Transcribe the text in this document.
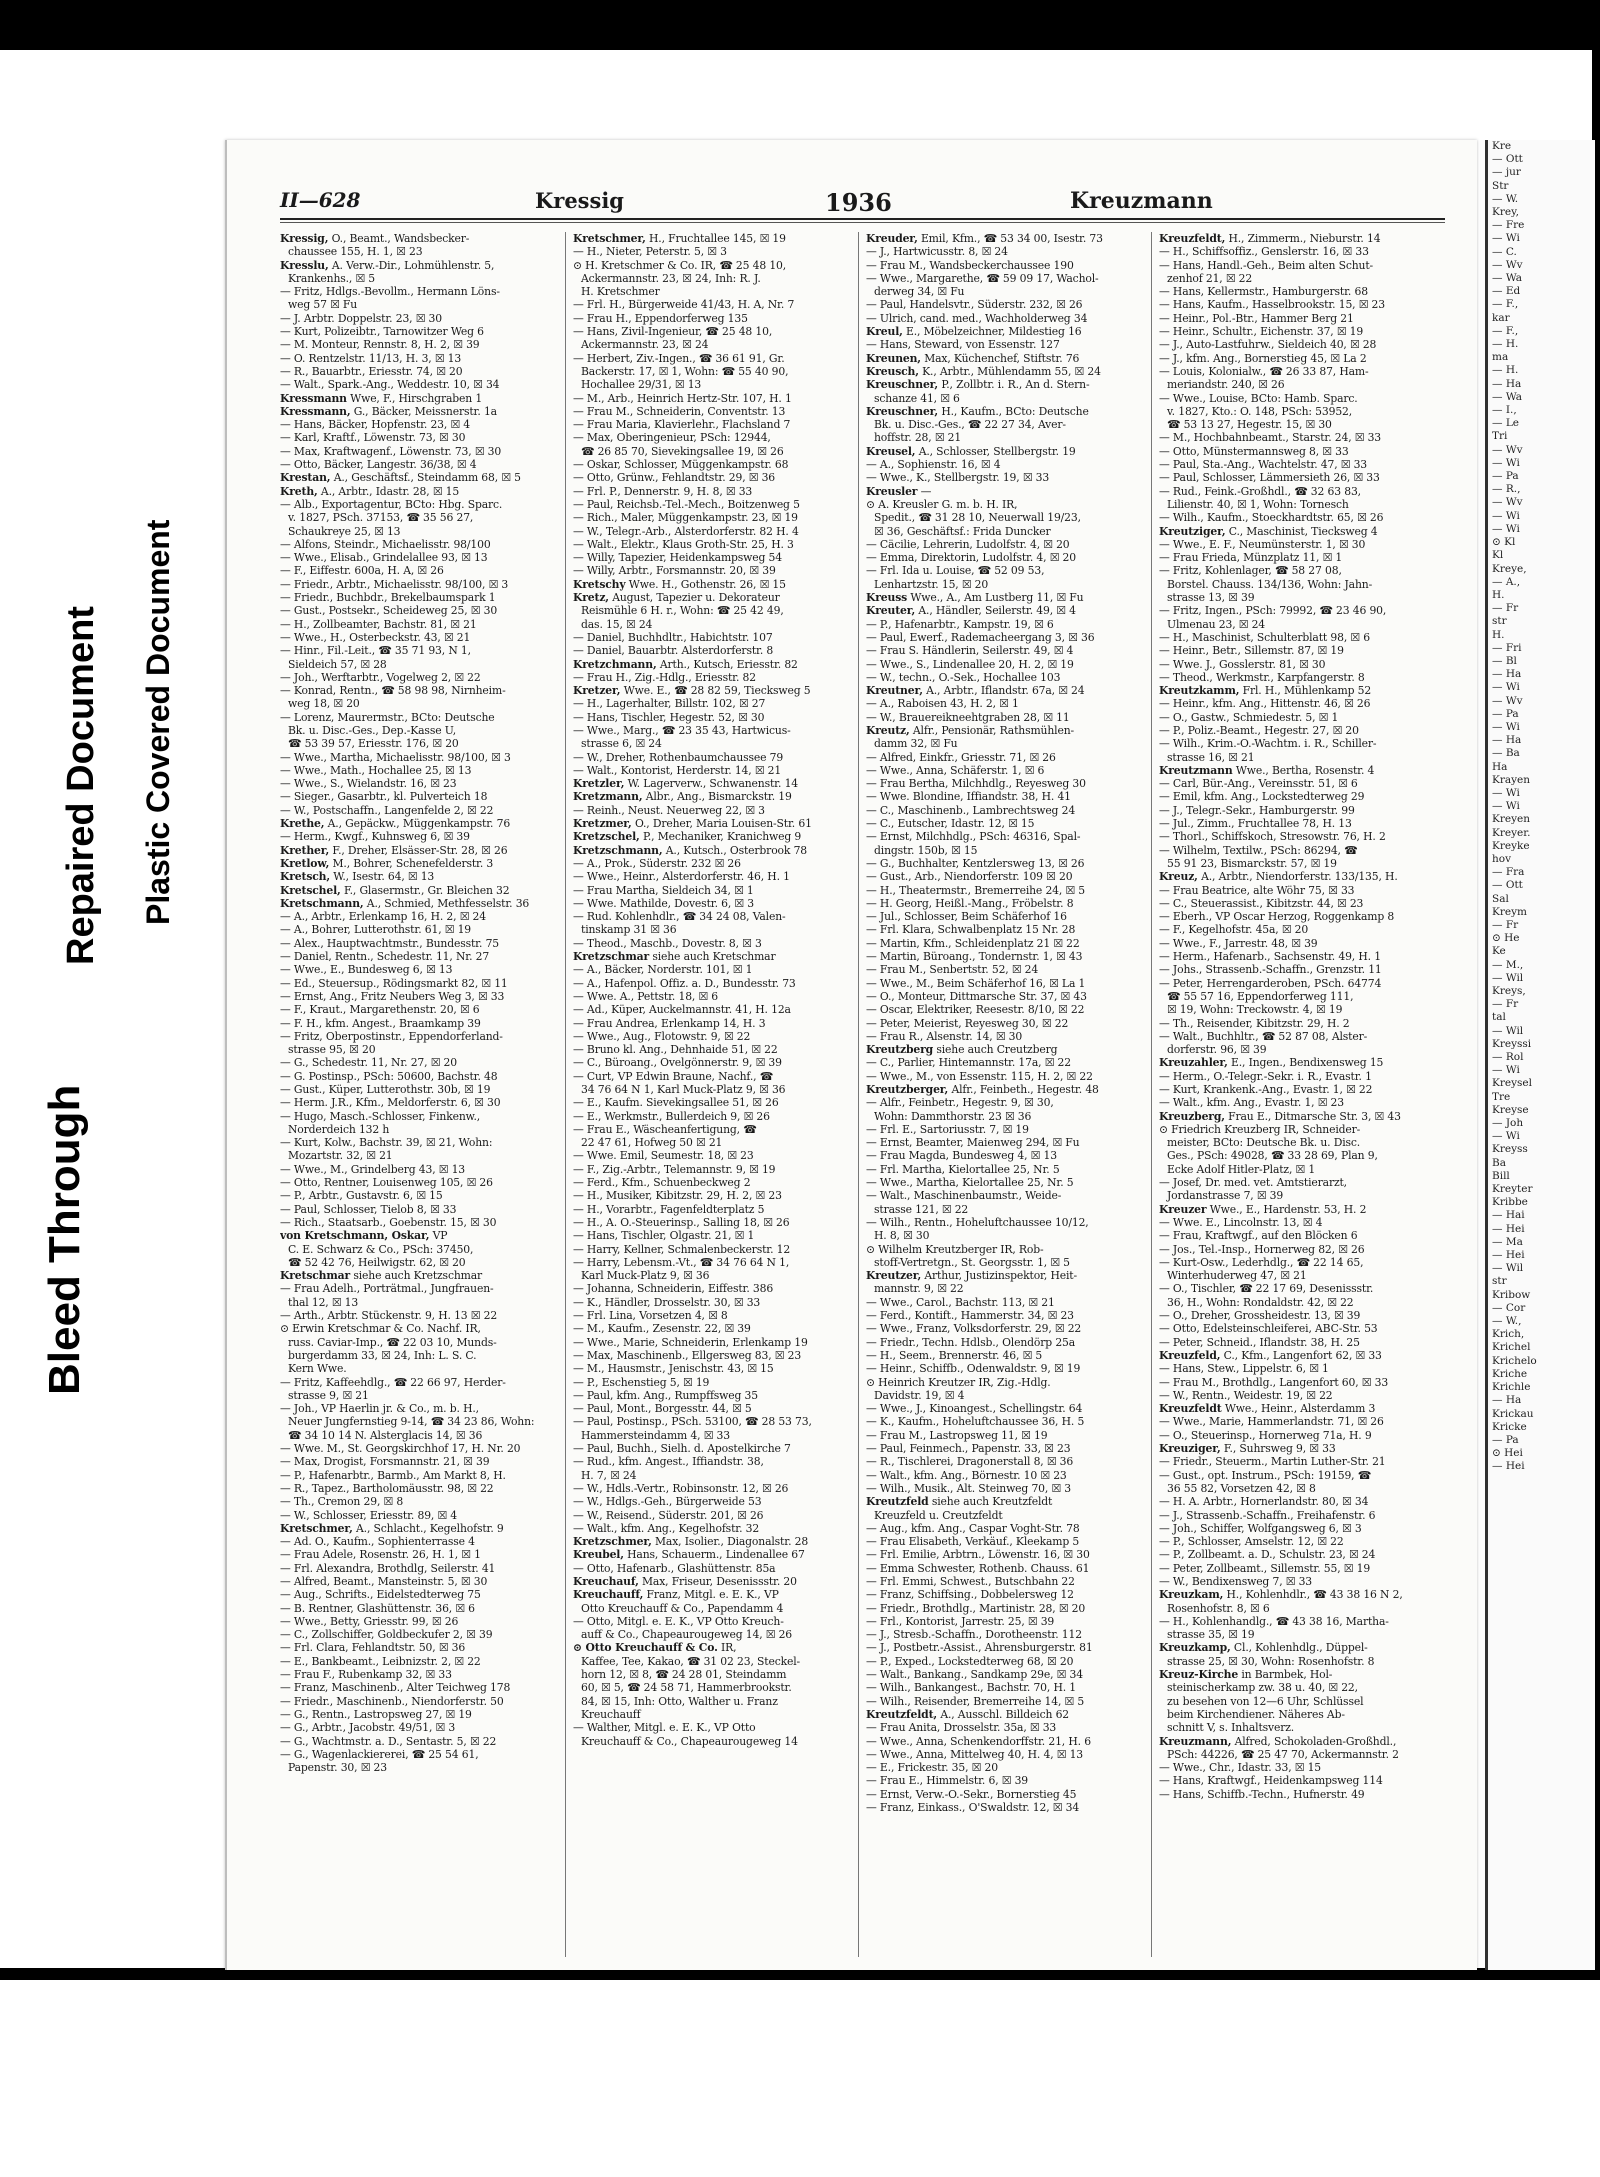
Bleed Through
Repaired Document Plastic Covered Document
Kre
— Ott
— jur
Str
— W.
Krey,
— Fre
— Wi
— C.
— Wv
— Wa
— Ed
— F.,
kar
— F.,
— H.
ma
— H.
— Ha
— Wa
— I.,
— Le
Tri
— Wv
— Wi
— Pa
— R.,
— Wv
— Wi
— Wi
⊙ Kl
Kl
Kreye,
— A.,
H.
— Fr
str
H.
— Fri
— Bl
— Ha
— Wi
— Wv
— Pa
— Wi
— Ha
— Ba
Ha
Krayen
— Wi
— Wi
Kreyen
Kreyer.
Kreyke
hov
— Fra
— Ott
Sal
Kreym
— Fr
⊙ He
Ke
— M.,
— Wil
Kreys,
— Fr
tal
— Wil
Kreyssi
— Rol
— Wi
Kreysel
Tre
Kreyse
— Joh
— Wi
Kreyss
Ba
Bill
Kreyter
Kribbe
— Hai
— Hei
— Ma
— Hei
— Wil
str
Kribow
— Cor
— W.,
Krich,
Krichel
Krichelo
Kriche
Krichle
— Ha
Krickau
Kricke
— Pa
⊙ Hei
— Hei
II—628	Kressig	1936	Kreuzmann
Kressig, O., Beamt., Wandsbecker-
chaussee 155, H. 1, ☒ 23
Kresslu, A. Verw.-Dir., Lohmühlenstr. 5,
Krankenhs., ☒ 5
— Fritz, Hdlgs.-Bevollm., Hermann Löns-
weg 57 ☒ Fu
— J. Arbtr. Doppelstr. 23, ☒ 30
— Kurt, Polizeibtr., Tarnowitzer Weg 6
— M. Monteur, Rennstr. 8, H. 2, ☒ 39
— O. Rentzelstr. 11/13, H. 3, ☒ 13
— R., Bauarbtr., Eriesstr. 74, ☒ 20
— Walt., Spark.-Ang., Weddestr. 10, ☒ 34
Kressmann Wwe, F., Hirschgraben 1
Kressmann, G., Bäcker, Meissnerstr. 1a
— Hans, Bäcker, Hopfenstr. 23, ☒ 4
— Karl, Kraftf., Löwenstr. 73, ☒ 30
— Max, Kraftwagenf., Löwenstr. 73, ☒ 30
— Otto, Bäcker, Langestr. 36/38, ☒ 4
Krestan, A., Geschäftsf., Steindamm 68, ☒ 5
Kreth, A., Arbtr., Idastr. 28, ☒ 15
— Alb., Exportagentur, BCto: Hbg. Sparc.
v. 1827, PSch. 37153, ☎ 35 56 27,
Schaukreye 25, ☒ 13
— Alfons, Steindr., Michaelisstr. 98/100
— Wwe., Elisab., Grindelallee 93, ☒ 13
— F., Eiffestr. 600a, H. A, ☒ 26
— Friedr., Arbtr., Michaelisstr. 98/100, ☒ 3
— Friedr., Buchbdr., Brekelbaumspark 1
— Gust., Postsekr., Scheideweg 25, ☒ 30
— H., Zollbeamter, Bachstr. 81, ☒ 21
— Wwe., H., Osterbeckstr. 43, ☒ 21
— Hinr., Fil.-Leit., ☎ 35 71 93, N 1,
Sieldeich 57, ☒ 28
— Joh., Werftarbtr., Vogelweg 2, ☒ 22
— Konrad, Rentn., ☎ 58 98 98, Nirnheim-
weg 18, ☒ 20
— Lorenz, Maurermstr., BCto: Deutsche
Bk. u. Disc.-Ges., Dep.-Kasse U,
☎ 53 39 57, Eriesstr. 176, ☒ 20
— Wwe., Martha, Michaelisstr. 98/100, ☒ 3
— Wwe., Math., Hochallee 25, ☒ 13
— Wwe., S., Wielandstr. 16, ☒ 23
— Sieger., Gasarbtr., kl. Pulverteich 18
— W., Postschaffn., Langenfelde 2, ☒ 22
Krethe, A., Gepäckw., Müggenkampstr. 76
— Herm., Kwgf., Kuhnsweg 6, ☒ 39
Krether, F., Dreher, Elsässer-Str. 28, ☒ 26
Kretlow, M., Bohrer, Schenefelderstr. 3
Kretsch, W., Isestr. 64, ☒ 13
Kretschel, F., Glasermstr., Gr. Bleichen 32
Kretschmann, A., Schmied, Methfesselstr. 36
— A., Arbtr., Erlenkamp 16, H. 2, ☒ 24
— A., Bohrer, Lutterothstr. 61, ☒ 19
— Alex., Hauptwachtmstr., Bundesstr. 75
— Daniel, Rentn., Schedestr. 11, Nr. 27
— Wwe., E., Bundesweg 6, ☒ 13
— Ed., Steuersup., Rödingsmarkt 82, ☒ 11
— Ernst, Ang., Fritz Neubers Weg 3, ☒ 33
— F., Kraut., Margarethenstr. 20, ☒ 6
— F. H., kfm. Angest., Braamkamp 39
— Fritz, Oberpostinstr., Eppendorferland-
strasse 95, ☒ 20
— G., Schedestr. 11, Nr. 27, ☒ 20
— G. Postinsp., PSch: 50600, Bachstr. 48
— Gust., Küper, Lutterothstr. 30b, ☒ 19
— Herm. J.R., Kfm., Meldorferstr. 6, ☒ 30
— Hugo, Masch.-Schlosser, Finkenw.,
Norderdeich 132 h
— Kurt, Kolw., Bachstr. 39, ☒ 21, Wohn:
Mozartstr. 32, ☒ 21
— Wwe., M., Grindelberg 43, ☒ 13
— Otto, Rentner, Louisenweg 105, ☒ 26
— P., Arbtr., Gustavstr. 6, ☒ 15
— Paul, Schlosser, Tielob 8, ☒ 33
— Rich., Staatsarb., Goebenstr. 15, ☒ 30
von Kretschmann, Oskar, VP
C. E. Schwarz & Co., PSch: 37450,
☎ 52 42 76, Heilwigstr. 62, ☒ 20
Kretschmar siehe auch Kretzschmar
— Frau Adelh., Porträtmal., Jungfrauen-
thal 12, ☒ 13
— Arth., Arbtr. Stückenstr. 9, H. 13 ☒ 22
⊙ Erwin Kretschmar & Co. Nachf. IR,
russ. Caviar-Imp., ☎ 22 03 10, Munds-
burgerdamm 33, ☒ 24, Inh: L. S. C.
Kern Wwe.
— Fritz, Kaffeehdlg., ☎ 22 66 97, Herder-
strasse 9, ☒ 21
— Joh., VP Haerlin jr. & Co., m. b. H.,
Neuer Jungfernstieg 9-14, ☎ 34 23 86, Wohn:
☎ 34 10 14 N. Alsterglacis 14, ☒ 36
— Wwe. M., St. Georgskirchhof 17, H. Nr. 20
— Max, Drogist, Forsmannstr. 21, ☒ 39
— P., Hafenarbtr., Barmb., Am Markt 8, H.
— R., Tapez., Bartholomäusstr. 98, ☒ 22
— Th., Cremon 29, ☒ 8
— W., Schlosser, Eriesstr. 89, ☒ 4
Kretschmer, A., Schlacht., Kegelhofstr. 9
— Ad. O., Kaufm., Sophienterrasse 4
— Frau Adele, Rosenstr. 26, H. 1, ☒ 1
— Frl. Alexandra, Brothdlg, Seilerstr. 41
— Alfred, Beamt., Mansteinstr. 5, ☒ 30
— Aug., Schrifts., Eidelstedterweg 75
— B. Rentner, Glashüttenstr. 36, ☒ 6
— Wwe., Betty, Griesstr. 99, ☒ 26
— C., Zollschiffer, Goldbeckufer 2, ☒ 39
— Frl. Clara, Fehlandtstr. 50, ☒ 36
— E., Bankbeamt., Leibnizstr. 2, ☒ 22
— Frau F., Rubenkamp 32, ☒ 33
— Franz, Maschinenb., Alter Teichweg 178
— Friedr., Maschinenb., Niendorferstr. 50
— G., Rentn., Lastropsweg 27, ☒ 19
— G., Arbtr., Jacobstr. 49/51, ☒ 3
— G., Wachtmstr. a. D., Sentastr. 5, ☒ 22
— G., Wagenlackiererei, ☎ 25 54 61,
Papenstr. 30, ☒ 23
Kretschmer, H., Fruchtallee 145, ☒ 19
— H., Nieter, Peterstr. 5, ☒ 3
⊙ H. Kretschmer & Co. IR, ☎ 25 48 10,
Ackermannstr. 23, ☒ 24, Inh: R. J.
H. Kretschmer
— Frl. H., Bürgerweide 41/43, H. A, Nr. 7
— Frau H., Eppendorferweg 135
— Hans, Zivil-Ingenieur, ☎ 25 48 10,
Ackermannstr. 23, ☒ 24
— Herbert, Ziv.-Ingen., ☎ 36 61 91, Gr.
Backerstr. 17, ☒ 1, Wohn: ☎ 55 40 90,
Hochallee 29/31, ☒ 13
— M., Arb., Heinrich Hertz-Str. 107, H. 1
— Frau M., Schneiderin, Conventstr. 13
— Frau Maria, Klavierlehr., Flachsland 7
— Max, Oberingenieur, PSch: 12944,
☎ 26 85 70, Sievekingsallee 19, ☒ 26
— Oskar, Schlosser, Müggenkampstr. 68
— Otto, Grünw., Fehlandtstr. 29, ☒ 36
— Frl. P., Dennerstr. 9, H. 8, ☒ 33
— Paul, Reichsb.-Tel.-Mech., Boitzenweg 5
— Rich., Maler, Müggenkampstr. 23, ☒ 19
— W., Telegr.-Arb., Alsterdorferstr. 82 H. 4
— Walt., Elektr., Klaus Groth-Str. 25, H. 3
— Willy, Tapezier, Heidenkampsweg 54
— Willy, Arbtr., Forsmannstr. 20, ☒ 39
Kretschy Wwe. H., Gothenstr. 26, ☒ 15
Kretz, August, Tapezier u. Dekorateur
Reismühle 6 H. r., Wohn: ☎ 25 42 49,
das. 15, ☒ 24
— Daniel, Buchhdltr., Habichtstr. 107
— Daniel, Bauarbtr. Alsterdorferstr. 8
Kretzchmann, Arth., Kutsch, Eriesstr. 82
— Frau H., Zig.-Hdlg., Eriesstr. 82
Kretzer, Wwe. E., ☎ 28 82 59, Tiecksweg 5
— H., Lagerhalter, Billstr. 102, ☒ 27
— Hans, Tischler, Hegestr. 52, ☒ 30
— Wwe., Marg., ☎ 23 35 43, Hartwicus-
strasse 6, ☒ 24
— W., Dreher, Rothenbaumchaussee 79
— Walt., Kontorist, Herderstr. 14, ☒ 21
Kretzler, W. Lagerverw., Schwanenstr. 14
Kretzmann, Albr., Ang., Bismarckstr. 19
— Reinh., Neust. Neuerweg 22, ☒ 3
Kretzmer, O., Dreher, Maria Louisen-Str. 61
Kretzschel, P., Mechaniker, Kranichweg 9
Kretzschmann, A., Kutsch., Osterbrook 78
— A., Prok., Süderstr. 232 ☒ 26
— Wwe., Heinr., Alsterdorferstr. 46, H. 1
— Frau Martha, Sieldeich 34, ☒ 1
— Wwe. Mathilde, Dovestr. 6, ☒ 3
— Rud. Kohlenhdlr., ☎ 34 24 08, Valen-
tinskamp 31 ☒ 36
— Theod., Maschb., Dovestr. 8, ☒ 3
Kretzschmar siehe auch Kretschmar
— A., Bäcker, Norderstr. 101, ☒ 1
— A., Hafenpol. Offiz. a. D., Bundesstr. 73
— Wwe. A., Pettstr. 18, ☒ 6
— Ad., Küper, Auckelmannstr. 41, H. 12a
— Frau Andrea, Erlenkamp 14, H. 3
— Wwe., Aug., Flotowstr. 9, ☒ 22
— Bruno kl. Ang., Dehnhaide 51, ☒ 22
— C., Büroang., Ovelgönnerstr. 9, ☒ 39
— Curt, VP Edwin Braune, Nachf., ☎
34 76 64 N 1, Karl Muck-Platz 9, ☒ 36
— E., Kaufm. Sievekingsallee 51, ☒ 26
— E., Werkmstr., Bullerdeich 9, ☒ 26
— Frau E., Wäscheanfertigung, ☎
22 47 61, Hofweg 50 ☒ 21
— Wwe. Emil, Seumestr. 18, ☒ 23
— F., Zig.-Arbtr., Telemannstr. 9, ☒ 19
— Ferd., Kfm., Schuenbeckweg 2
— H., Musiker, Kibitzstr. 29, H. 2, ☒ 23
— H., Vorarbtr., Fagenfeldterplatz 5
— H., A. O.-Steuerinsp., Salling 18, ☒ 26
— Hans, Tischler, Olgastr. 21, ☒ 1
— Harry, Kellner, Schmalenbeckerstr. 12
— Harry, Lebensm.-Vt., ☎ 34 76 64 N 1,
Karl Muck-Platz 9, ☒ 36
— Johanna, Schneiderin, Eiffestr. 386
— K., Händler, Drosselstr. 30, ☒ 33
— Frl. Lina, Vorsetzen 4, ☒ 8
— M., Kaufm., Zesenstr. 22, ☒ 39
— Wwe., Marie, Schneiderin, Erlenkamp 19
— Max, Maschinenb., Ellgersweg 83, ☒ 23
— M., Hausmstr., Jenischstr. 43, ☒ 15
— P., Eschenstieg 5, ☒ 19
— Paul, kfm. Ang., Rumpffsweg 35
— Paul, Mont., Borgesstr. 44, ☒ 5
— Paul, Postinsp., PSch. 53100, ☎ 28 53 73,
Hammersteindamm 4, ☒ 33
— Paul, Buchh., Sielh. d. Apostelkirche 7
— Rud., kfm. Angest., Iffiandstr. 38,
H. 7, ☒ 24
— W., Hdls.-Vertr., Robinsonstr. 12, ☒ 26
— W., Hdlgs.-Geh., Bürgerweide 53
— W., Reisend., Süderstr. 201, ☒ 26
— Walt., kfm. Ang., Kegelhofstr. 32
Kretzschmer, Max, Isolier., Diagonalstr. 28
Kreubel, Hans, Schauerm., Lindenallee 67
— Otto, Hafenarb., Glashüttenstr. 85a
Kreuchauf, Max, Friseur, Desenissstr. 20
Kreuchauff, Franz, Mitgl. e. E. K., VP
Otto Kreuchauff & Co., Papendamm 4
— Otto, Mitgl. e. E. K., VP Otto Kreuch-
auff & Co., Chapeaurougeweg 14, ☒ 26
⊙ Otto Kreuchauff & Co. IR,
Kaffee, Tee, Kakao, ☎ 31 02 23, Steckel-
horn 12, ☒ 8, ☎ 24 28 01, Steindamm
60, ☒ 5, ☎ 24 58 71, Hammerbrookstr.
84, ☒ 15, Inh: Otto, Walther u. Franz
Kreuchauff
— Walther, Mitgl. e. E. K., VP Otto
Kreuchauff & Co., Chapeaurougeweg 14
Kreuder, Emil, Kfm., ☎ 53 34 00, Isestr. 73
— J., Hartwicusstr. 8, ☒ 24
— Frau M., Wandsbeckerchaussee 190
— Wwe., Margarethe, ☎ 59 09 17, Wachol-
derweg 34, ☒ Fu
— Paul, Handelsvtr., Süderstr. 232, ☒ 26
— Ulrich, cand. med., Wachholderweg 34
Kreul, E., Möbelzeichner, Mildestieg 16
— Hans, Steward, von Essenstr. 127
Kreunen, Max, Küchenchef, Stiftstr. 76
Kreusch, K., Arbtr., Mühlendamm 55, ☒ 24
Kreuschner, P., Zollbtr. i. R., An d. Stern-
schanze 41, ☒ 6
Kreuschner, H., Kaufm., BCto: Deutsche
Bk. u. Disc.-Ges., ☎ 22 27 34, Aver-
hoffstr. 28, ☒ 21
Kreusel, A., Schlosser, Stellbergstr. 19
— A., Sophienstr. 16, ☒ 4
— Wwe., K., Stellbergstr. 19, ☒ 33
Kreusler —
⊙ A. Kreusler G. m. b. H. IR,
Spedit., ☎ 31 28 10, Neuerwall 19/23,
☒ 36, Geschäftsf.: Frida Duncker
— Cäcilie, Lehrerin, Ludolfstr. 4, ☒ 20
— Emma, Direktorin, Ludolfstr. 4, ☒ 20
— Frl. Ida u. Louise, ☎ 52 09 53,
Lenhartzstr. 15, ☒ 20
Kreuss Wwe., A., Am Lustberg 11, ☒ Fu
Kreuter, A., Händler, Seilerstr. 49, ☒ 4
— P., Hafenarbtr., Kampstr. 19, ☒ 6
— Paul, Ewerf., Rademacheergang 3, ☒ 36
— Frau S. Händlerin, Seilerstr. 49, ☒ 4
— Wwe., S., Lindenallee 20, H. 2, ☒ 19
— W., techn., O.-Sek., Hochallee 103
Kreutner, A., Arbtr., Iflandstr. 67a, ☒ 24
— A., Raboisen 43, H. 2, ☒ 1
— W., Brauereikneehtgraben 28, ☒ 11
Kreutz, Alfr., Pensionär, Rathsmühlen-
damm 32, ☒ Fu
— Alfred, Einkfr., Griesstr. 71, ☒ 26
— Wwe., Anna, Schäferstr. 1, ☒ 6
— Frau Bertha, Milchhdlg., Reyesweg 30
— Wwe. Blondine, Iffiandstr. 38, H. 41
— C., Maschinenb., Lambrechtsweg 24
— C., Eutscher, Idastr. 12, ☒ 15
— Ernst, Milchhdlg., PSch: 46316, Spal-
dingstr. 150b, ☒ 15
— G., Buchhalter, Kentzlersweg 13, ☒ 26
— Gust., Arb., Niendorferstr. 109 ☒ 20
— H., Theatermstr., Bremerreihe 24, ☒ 5
— H. Georg, Heißl.-Mang., Fröbelstr. 8
— Jul., Schlosser, Beim Schäferhof 16
— Frl. Klara, Schwalbenplatz 15 Nr. 28
— Martin, Kfm., Schleidenplatz 21 ☒ 22
— Martin, Büroang., Tondernstr. 1, ☒ 43
— Frau M., Senbertstr. 52, ☒ 24
— Wwe., M., Beim Schäferhof 16, ☒ La 1
— O., Monteur, Dittmarsche Str. 37, ☒ 43
— Oscar, Elektriker, Reesestr. 8/10, ☒ 22
— Peter, Meierist, Reyesweg 30, ☒ 22
— Frau R., Alsenstr. 14, ☒ 30
Kreutzberg siehe auch Creutzberg
— C., Parlier, Hintemannstr. 17a, ☒ 22
— Wwe., M., von Essenstr. 115, H. 2, ☒ 22
Kreutzberger, Alfr., Feinbeth., Hegestr. 48
— Alfr., Feinbetr., Hegestr. 9, ☒ 30,
Wohn: Dammthorstr. 23 ☒ 36
— Frl. E., Sartoriusstr. 7, ☒ 19
— Ernst, Beamter, Maienweg 294, ☒ Fu
— Frau Magda, Bundesweg 4, ☒ 13
— Frl. Martha, Kielortallee 25, Nr. 5
— Wwe., Martha, Kielortallee 25, Nr. 5
— Walt., Maschinenbaumstr., Weide-
strasse 121, ☒ 22
— Wilh., Rentn., Hoheluftchaussee 10/12,
H. 8, ☒ 30
⊙ Wilhelm Kreutzberger IR, Rob-
stoff-Vertretgn., St. Georgsstr. 1, ☒ 5
Kreutzer, Arthur, Justizinspektor, Heit-
mannstr. 9, ☒ 22
— Wwe., Carol., Bachstr. 113, ☒ 21
— Ferd., Kontift., Hammerstr. 34, ☒ 23
— Wwe., Franz, Volksdorferstr. 29, ☒ 22
— Friedr., Techn. Hdlsb., Olendörp 25a
— H., Seem., Brennerstr. 46, ☒ 5
— Heinr., Schiffb., Odenwaldstr. 9, ☒ 19
⊙ Heinrich Kreutzer IR, Zig.-Hdlg.
Davidstr. 19, ☒ 4
— Wwe., J., Kinoangest., Schellingstr. 64
— K., Kaufm., Hoheluftchaussee 36, H. 5
— Frau M., Lastropsweg 11, ☒ 19
— Paul, Feinmech., Papenstr. 33, ☒ 23
— R., Tischlerei, Dragonerstall 8, ☒ 36
— Walt., kfm. Ang., Börnestr. 10 ☒ 23
— Wilh., Musik., Alt. Steinweg 70, ☒ 3
Kreutzfeld siehe auch Kreutzfeldt
Kreuzfeld u. Creutzfeldt
— Aug., kfm. Ang., Caspar Voght-Str. 78
— Frau Elisabeth, Verkäuf., Kleekamp 5
— Frl. Emilie, Arbtrn., Löwenstr. 16, ☒ 30
— Emma Schwester, Rothenb. Chauss. 61
— Frl. Emmi, Schwest., Butschbahn 22
— Franz, Schiffsing., Dobbelersweg 12
— Friedr., Brothdlg., Martinistr. 28, ☒ 20
— Frl., Kontorist, Jarrestr. 25, ☒ 39
— J., Stresb.-Schaffn., Dorotheenstr. 112
— J., Postbetr.-Assist., Ahrensburgerstr. 81
— P., Exped., Lockstedterweg 68, ☒ 20
— Walt., Bankang., Sandkamp 29e, ☒ 34
— Wilh., Bankangest., Bachstr. 70, H. 1
— Wilh., Reisender, Bremerreihe 14, ☒ 5
Kreutzfeldt, A., Ausschl. Billdeich 62
— Frau Anita, Drosselstr. 35a, ☒ 33
— Wwe., Anna, Schenkendorffstr. 21, H. 6
— Wwe., Anna, Mittelweg 40, H. 4, ☒ 13
— E., Frickestr. 35, ☒ 20
— Frau E., Himmelstr. 6, ☒ 39
— Ernst, Verw.-O.-Sekr., Bornerstieg 45
— Franz, Einkass., O'Swaldstr. 12, ☒ 34
Kreuzfeldt, H., Zimmerm., Nieburstr. 14
— H., Schiffsoffiz., Genslerstr. 16, ☒ 33
— Hans, Handl.-Geh., Beim alten Schut-
zenhof 21, ☒ 22
— Hans, Kellermstr., Hamburgerstr. 68
— Hans, Kaufm., Hasselbrookstr. 15, ☒ 23
— Heinr., Pol.-Btr., Hammer Berg 21
— Heinr., Schultr., Eichenstr. 37, ☒ 19
— J., Auto-Lastfuhrw., Sieldeich 40, ☒ 28
— J., kfm. Ang., Bornerstieg 45, ☒ La 2
— Louis, Kolonialw., ☎ 26 33 87, Ham-
meriandstr. 240, ☒ 26
— Wwe., Louise, BCto: Hamb. Sparc.
v. 1827, Kto.: O. 148, PSch: 53952,
☎ 53 13 27, Hegestr. 15, ☒ 30
— M., Hochbahnbeamt., Starstr. 24, ☒ 33
— Otto, Münstermannsweg 8, ☒ 33
— Paul, Sta.-Ang., Wachtelstr. 47, ☒ 33
— Paul, Schlosser, Lämmersieth 26, ☒ 33
— Rud., Feink.-Großhdl., ☎ 32 63 83,
Lilienstr. 40, ☒ 1, Wohn: Tornesch
— Wilh., Kaufm., Stoeckhardtstr. 65, ☒ 26
Kreutziger, C., Maschinist, Tiecksweg 4
— Wwe., E. F., Neumünsterstr. 1, ☒ 30
— Frau Frieda, Münzplatz 11, ☒ 1
— Fritz, Kohlenlager, ☎ 58 27 08,
Borstel. Chauss. 134/136, Wohn: Jahn-
strasse 13, ☒ 39
— Fritz, Ingen., PSch: 79992, ☎ 23 46 90,
Ulmenau 23, ☒ 24
— H., Maschinist, Schulterblatt 98, ☒ 6
— Heinr., Betr., Sillemstr. 87, ☒ 19
— Wwe. J., Gosslerstr. 81, ☒ 30
— Theod., Werkmstr., Karpfangerstr. 8
Kreutzkamm, Frl. H., Mühlenkamp 52
— Heinr., kfm. Ang., Hittenstr. 46, ☒ 26
— O., Gastw., Schmiedestr. 5, ☒ 1
— P., Poliz.-Beamt., Hegestr. 27, ☒ 20
— Wilh., Krim.-O.-Wachtm. i. R., Schiller-
strasse 16, ☒ 21
Kreutzmann Wwe., Bertha, Rosenstr. 4
— Carl, Bür.-Ang., Vereinsstr. 51, ☒ 6
— Emil, kfm. Ang., Lockstedterweg 29
— J., Telegr.-Sekr., Hamburgerstr. 99
— Jul., Zimm., Fruchtallee 78, H. 13
— Thorl., Schiffskoch, Stresowstr. 76, H. 2
— Wilhelm, Textilw., PSch: 86294, ☎
55 91 23, Bismarckstr. 57, ☒ 19
Kreuz, A., Arbtr., Niendorferstr. 133/135, H.
— Frau Beatrice, alte Wöhr 75, ☒ 33
— C., Steuerassist., Kibitzstr. 44, ☒ 23
— Eberh., VP Oscar Herzog, Roggenkamp 8
— F., Kegelhofstr. 45a, ☒ 20
— Wwe., F., Jarrestr. 48, ☒ 39
— Herm., Hafenarb., Sachsenstr. 49, H. 1
— Johs., Strassenb.-Schaffn., Grenzstr. 11
— Peter, Herrengarderoben, PSch. 64774
☎ 55 57 16, Eppendorferweg 111,
☒ 19, Wohn: Treckowstr. 4, ☒ 19
— Th., Reisender, Kibitzstr. 29, H. 2
— Walt., Buchhltr., ☎ 52 87 08, Alster-
dorferstr. 96, ☒ 39
Kreuzahler, E., Ingen., Bendixensweg 15
— Herm., O.-Telegr.-Sekr. i. R., Evastr. 1
— Kurt, Krankenk.-Ang., Evastr. 1, ☒ 22
— Walt., kfm. Ang., Evastr. 1, ☒ 23
Kreuzberg, Frau E., Ditmarsche Str. 3, ☒ 43
⊙ Friedrich Kreuzberg IR, Schneider-
meister, BCto: Deutsche Bk. u. Disc.
Ges., PSch: 49028, ☎ 33 28 69, Plan 9,
Ecke Adolf Hitler-Platz, ☒ 1
— Josef, Dr. med. vet. Amtstierarzt,
Jordanstrasse 7, ☒ 39
Kreuzer Wwe., E., Hardenstr. 53, H. 2
— Wwe. E., Lincolnstr. 13, ☒ 4
— Frau, Kraftwgf., auf den Blöcken 6
— Jos., Tel.-Insp., Hornerweg 82, ☒ 26
— Kurt-Osw., Lederhdlg., ☎ 22 14 65,
Winterhuderweg 47, ☒ 21
— O., Tischler, ☎ 22 17 69, Desenissstr.
36, H., Wohn: Rondaldstr. 42, ☒ 22
— O., Dreher, Grossheidestr. 13, ☒ 39
— Otto, Edelsteinschleiferei, ABC-Str. 53
— Peter, Schneid., Iflandstr. 38, H. 25
Kreuzfeld, C., Kfm., Langenfort 62, ☒ 33
— Hans, Stew., Lippelstr. 6, ☒ 1
— Frau M., Brothdlg., Langenfort 60, ☒ 33
— W., Rentn., Weidestr. 19, ☒ 22
Kreuzfeldt Wwe., Heinr., Alsterdamm 3
— Wwe., Marie, Hammerlandstr. 71, ☒ 26
— O., Steuerinsp., Hornerweg 71a, H. 9
Kreuziger, F., Suhrsweg 9, ☒ 33
— Friedr., Steuerm., Martin Luther-Str. 21
— Gust., opt. Instrum., PSch: 19159, ☎
36 55 82, Vorsetzen 42, ☒ 8
— H. A. Arbtr., Hornerlandstr. 80, ☒ 34
— J., Strassenb.-Schaffn., Freihafenstr. 6
— Joh., Schiffer, Wolfgangsweg 6, ☒ 3
— P., Schlosser, Amselstr. 12, ☒ 22
— P., Zollbeamt. a. D., Schulstr. 23, ☒ 24
— Peter, Zollbeamt., Sillemstr. 55, ☒ 19
— W., Bendixensweg 7, ☒ 33
Kreuzkam, H., Kohlenhdlr., ☎ 43 38 16 N 2,
Rosenhofstr. 8, ☒ 6
— H., Kohlenhandlg., ☎ 43 38 16, Martha-
strasse 35, ☒ 19
Kreuzkamp, Cl., Kohlenhdlg., Düppel-
strasse 25, ☒ 30, Wohn: Rosenhofstr. 8
Kreuz-Kirche in Barmbek, Hol-
steinischerkamp zw. 38 u. 40, ☒ 22,
zu besehen von 12—6 Uhr, Schlüssel
beim Kirchendiener. Näheres Ab-
schnitt V, s. Inhaltsverz.
Kreuzmann, Alfred, Schokoladen-Großhdl.,
PSch: 44226, ☎ 25 47 70, Ackermannstr. 2
— Wwe., Chr., Idastr. 33, ☒ 15
— Hans, Kraftwgf., Heidenkampsweg 114
— Hans, Schiffb.-Techn., Hufnerstr. 49
